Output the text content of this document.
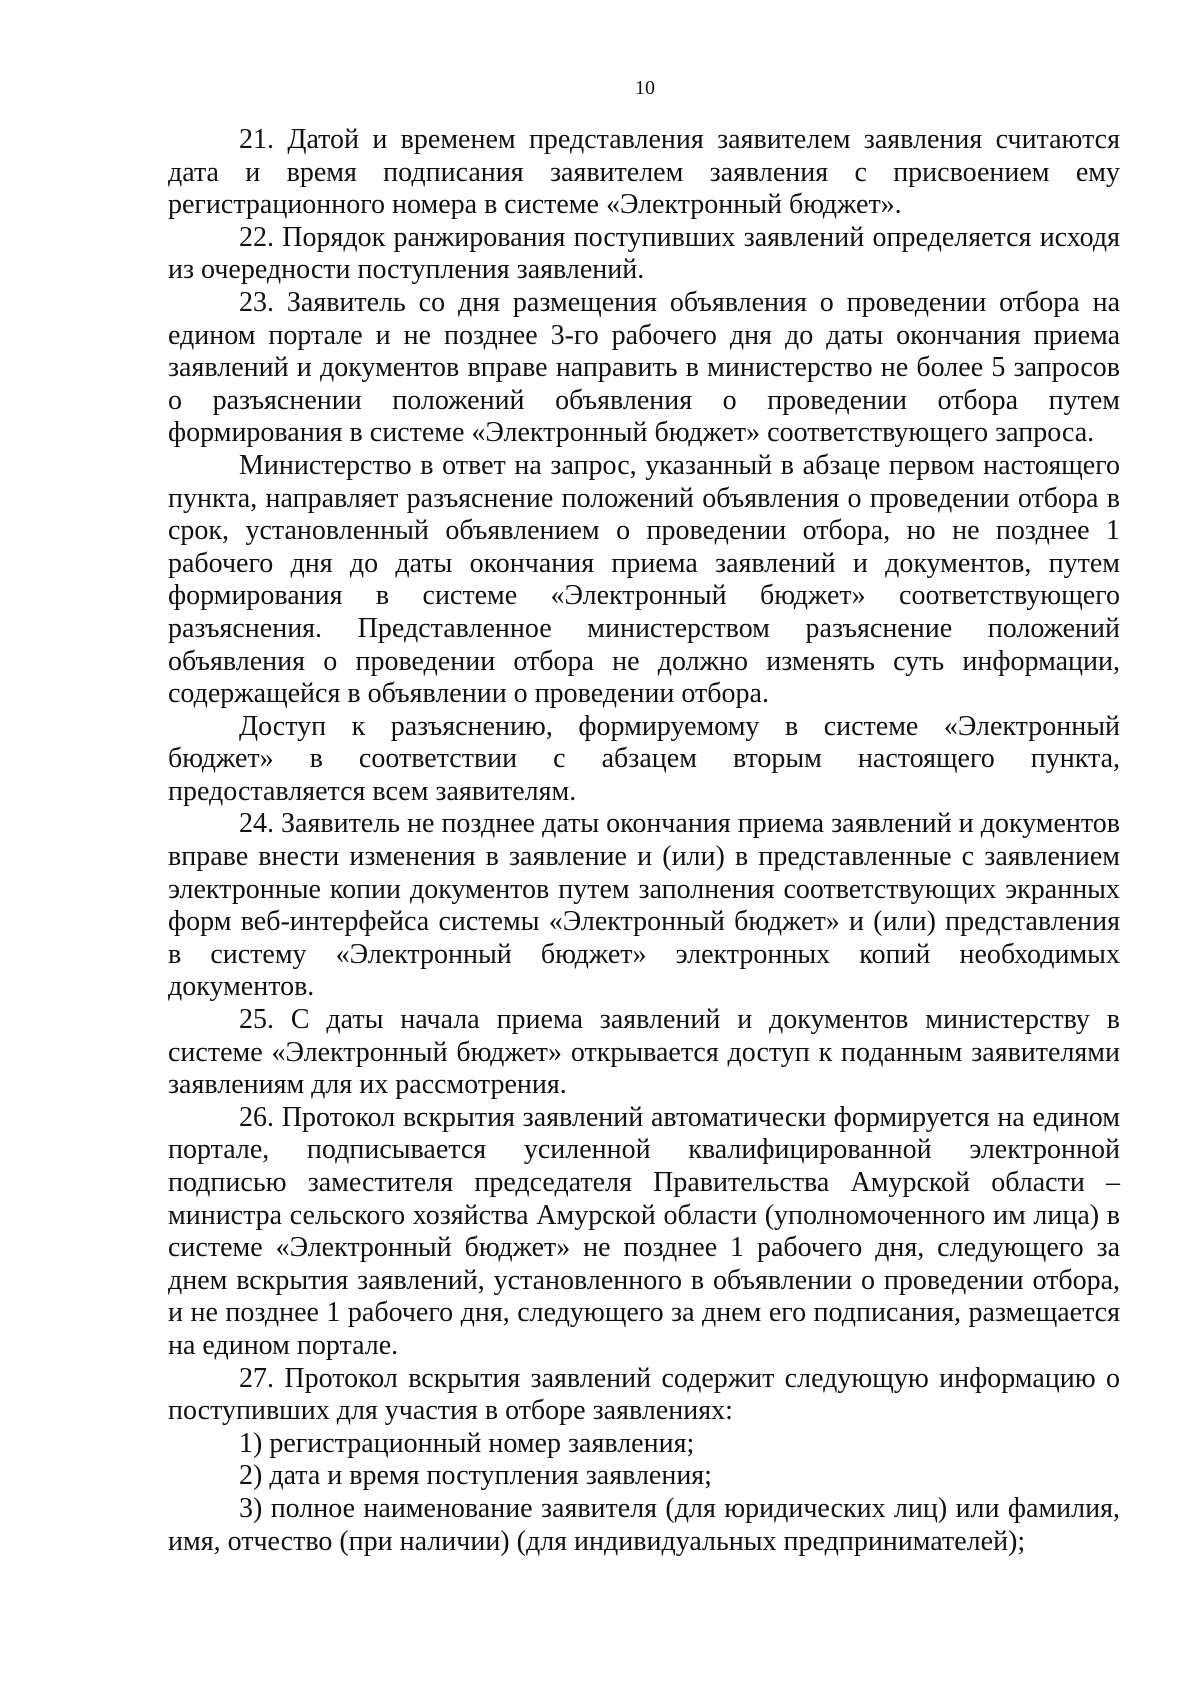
10

21. Датой и временем представления заявителем заявления считаются дата и время подписания заявителем заявления с присвоением ему регистрационного номера в системе «Электронный бюджет».

22. Порядок ранжирования поступивших заявлений определяется исходя из очередности поступления заявлений.

23. Заявитель со дня размещения объявления о проведении отбора на едином портале и не позднее 3-го рабочего дня до даты окончания приема заявлений и документов вправе направить в министерство не более 5 запросов о разъяснении положений объявления о проведении отбора путем формирования в системе «Электронный бюджет» соответствующего запроса.

Министерство в ответ на запрос, указанный в абзаце первом настоящего пункта, направляет разъяснение положений объявления о проведении отбора в срок, установленный объявлением о проведении отбора, но не позднее 1 рабочего дня до даты окончания приема заявлений и документов, путем формирования в системе «Электронный бюджет» соответствующего разъяснения. Представленное министерством разъяснение положений объявления о проведении отбора не должно изменять суть информации, содержащейся в объявлении о проведении отбора.

Доступ к разъяснению, формируемому в системе «Электронный бюджет» в соответствии с абзацем вторым настоящего пункта, предоставляется всем заявителям.

24. Заявитель не позднее даты окончания приема заявлений и документов вправе внести изменения в заявление и (или) в представленные с заявлением электронные копии документов путем заполнения соответствующих экранных форм веб-интерфейса системы «Электронный бюджет» и (или) представления в систему «Электронный бюджет» электронных копий необходимых документов.

25. С даты начала приема заявлений и документов министерству в системе «Электронный бюджет» открывается доступ к поданным заявителями заявлениям для их рассмотрения.

26. Протокол вскрытия заявлений автоматически формируется на едином портале, подписывается усиленной квалифицированной электронной подписью заместителя председателя Правительства Амурской области – министра сельского хозяйства Амурской области (уполномоченного им лица) в системе «Электронный бюджет» не позднее 1 рабочего дня, следующего за днем вскрытия заявлений, установленного в объявлении о проведении отбора, и не позднее 1 рабочего дня, следующего за днем его подписания, размещается на едином портале.

27. Протокол вскрытия заявлений содержит следующую информацию о поступивших для участия в отборе заявлениях:

1) регистрационный номер заявления;

2) дата и время поступления заявления;

3) полное наименование заявителя (для юридических лиц) или фамилия, имя, отчество (при наличии) (для индивидуальных предпринимателей);
